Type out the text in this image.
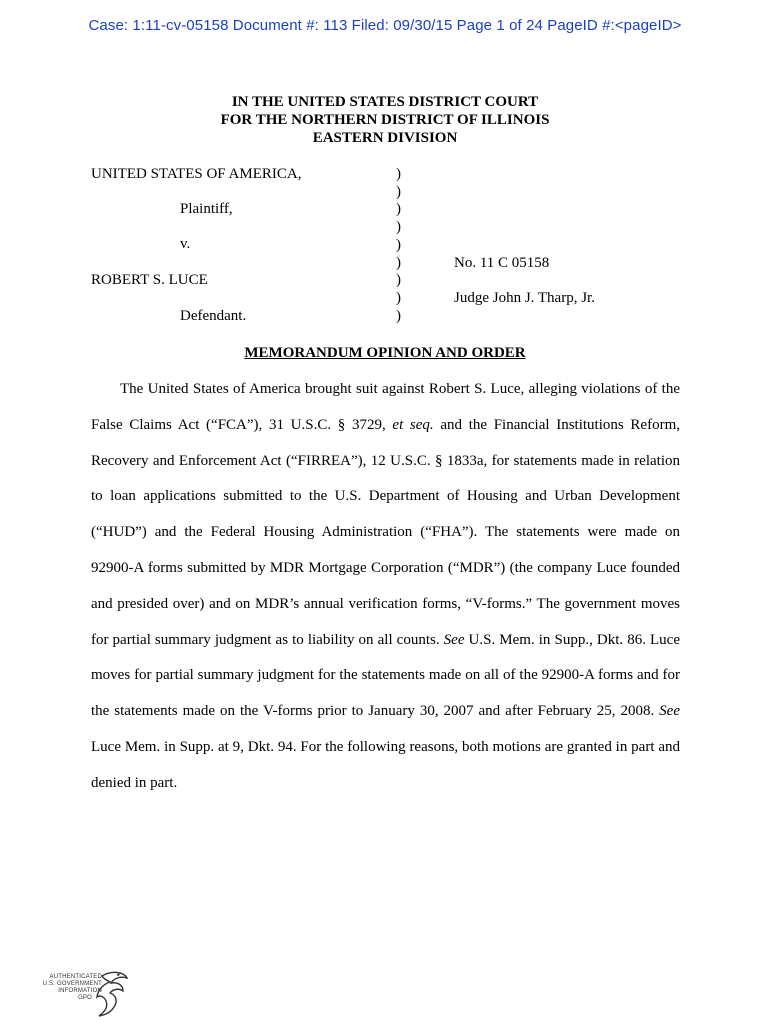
Case: 1:11-cv-05158 Document #: 113 Filed: 09/30/15 Page 1 of 24 PageID #:<pageID>
IN THE UNITED STATES DISTRICT COURT
FOR THE NORTHERN DISTRICT OF ILLINOIS
EASTERN DIVISION
UNITED STATES OF AMERICA,
Plaintiff,
v.
ROBERT S. LUCE
Defendant.
No. 11 C 05158
Judge John J. Tharp, Jr.
)
)
)
)
)
)
)
)
)
MEMORANDUM OPINION AND ORDER

The United States of America brought suit against Robert S. Luce, alleging violations of the False Claims Act (“FCA”), 31 U.S.C. § 3729, et seq. and the Financial Institutions Reform, Recovery and Enforcement Act (“FIRREA”), 12 U.S.C. § 1833a, for statements made in relation to loan applications submitted to the U.S. Department of Housing and Urban Development (“HUD”) and the Federal Housing Administration (“FHA”). The statements were made on 92900-A forms submitted by MDR Mortgage Corporation (“MDR”) (the company Luce founded and presided over) and on MDR’s annual verification forms, “V-forms.” The government moves for partial summary judgment as to liability on all counts. See U.S. Mem. in Supp., Dkt. 86. Luce moves for partial summary judgment for the statements made on all of the 92900-A forms and for the statements made on the V-forms prior to January 30, 2007 and after February 25, 2008. See Luce Mem. in Supp. at 9, Dkt. 94. For the following reasons, both motions are granted in part and denied in part.

AUTHENTICATED
U.S. GOVERNMENT
INFORMATION
GPO
